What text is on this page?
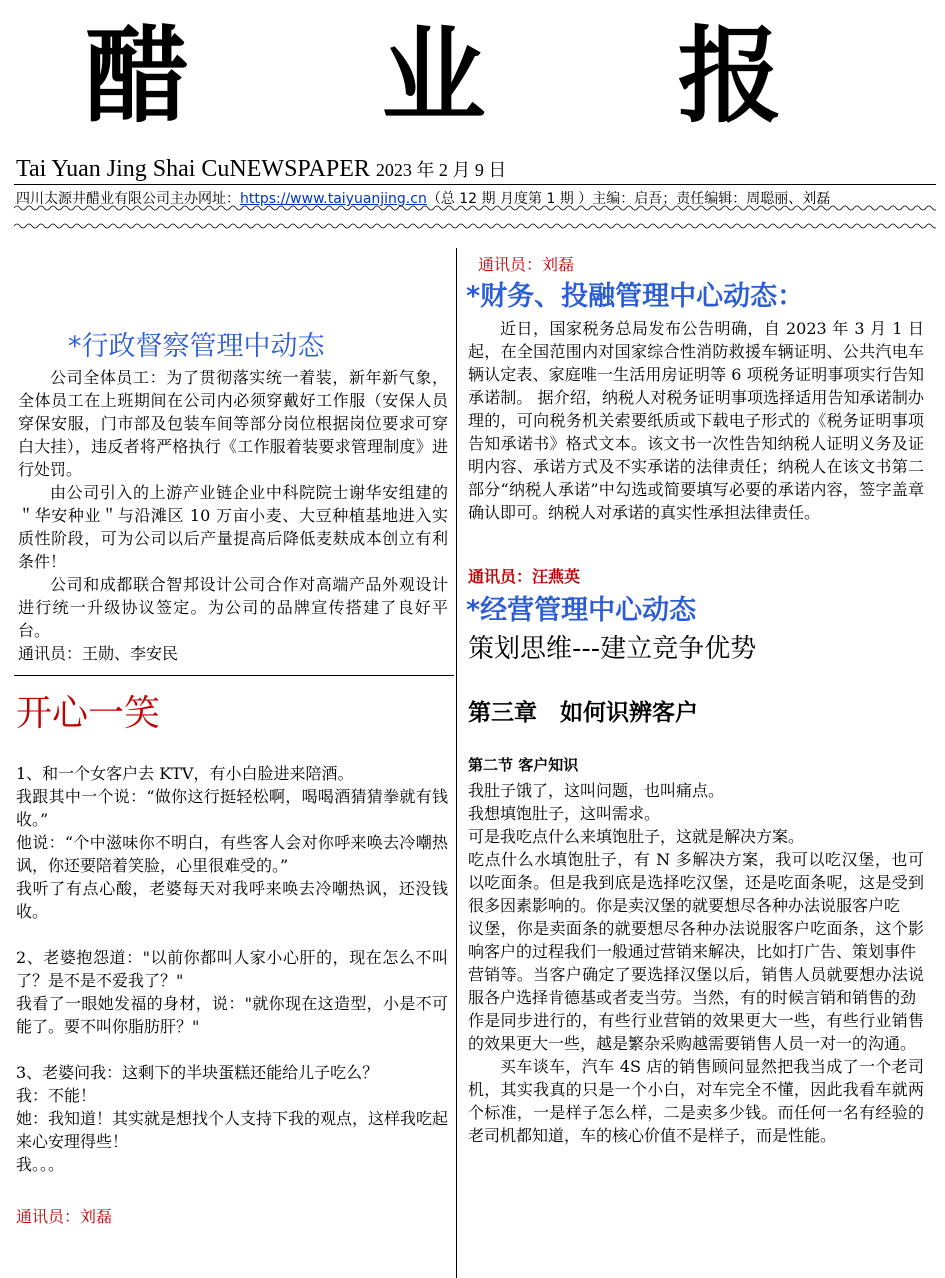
醋 业 报
Tai Yuan Jing Shai CuNEWSPAPER 2023 年 2 月 9 日
四川太源井醋业有限公司主办网址：https://www.taiyuanjing.cn（总 12 期 月度第 1 期 ）主编：启吾；责任编辑：周聪丽、刘磊
*行政督察管理中动态

公司全体员工：为了贯彻落实统一着装，新年新气象，全体员工在上班期间在公司内必须穿戴好工作服（安保人员穿保安服，门市部及包装车间等部分岗位根据岗位要求可穿白大挂），违反者将严格执行《工作服着装要求管理制度》进行处罚。

由公司引入的上游产业链企业中科院院士谢华安组建的＂华安种业＂与沿滩区 10 万亩小麦、大豆种植基地进入实质性阶段，可为公司以后产量提高后降低麦麸成本创立有利条件！

公司和成都联合智邦设计公司合作对高端产品外观设计进行统一升级协议签定。为公司的品牌宣传搭建了良好平台。

通讯员：王勋、李安民

开心一笑

1、和一个女客户去 KTV，有小白脸进来陪酒。

我跟其中一个说：“做你这行挺轻松啊，喝喝酒猜猜拳就有钱收。”

他说：“个中滋味你不明白，有些客人会对你呼来唤去冷嘲热讽，你还要陪着笑脸，心里很难受的。”

我听了有点心酸，老婆每天对我呼来唤去冷嘲热讽，还没钱收。

2、老婆抱怨道："以前你都叫人家小心肝的，现在怎么不叫了？是不是不爱我了？"

我看了一眼她发福的身材，说："就你现在这造型，小是不可能了。要不叫你脂肪肝？"

3、老婆问我：这剩下的半块蛋糕还能给儿子吃么？

我：不能！

她：我知道！其实就是想找个人支持下我的观点，这样我吃起来心安理得些！

我。。。

通讯员：刘磊
通讯员：刘磊
*财务、投融管理中心动态：

近日，国家税务总局发布公告明确，自 2023 年 3 月 1 日起，在全国范围内对国家综合性消防救援车辆证明、公共汽电车辆认定表、家庭唯一生活用房证明等 6 项税务证明事项实行告知承诺制。 据介绍，纳税人对税务证明事项选择适用告知承诺制办理的，可向税务机关索要纸质或下载电子形式的《税务证明事项告知承诺书》格式文本。该文书一次性告知纳税人证明义务及证明内容、承诺方式及不实承诺的法律责任；纳税人在该文书第二部分“纳税人承诺”中勾选或简要填写必要的承诺内容，签字盖章确认即可。纳税人对承诺的真实性承担法律责任。

通讯员：汪燕英
*经营管理中心动态
策划思维---建立竞争优势
第三章　如何识辨客户
第二节 客户知识

我肚子饿了，这叫问题，也叫痛点。

我想填饱肚子，这叫需求。

可是我吃点什么来填饱肚子，这就是解决方案。

吃点什么水填饱肚子，有 N 多解决方案，我可以吃汉堡，也可以吃面条。但是我到底是选择吃汉堡，还是吃面条呢，这是受到很多因素影响的。你是卖汉堡的就要想尽各种办法说服客户吃

议堡，你是卖面条的就要想尽各种办法说服客户吃面条，这个影响客户的过程我们一般通过营销来解决，比如打广告、策划事件

营销等。当客户确定了要选择汉堡以后，销售人员就要想办法说服各户选择肯德基或者麦当劳。当然，有的时候言销和销售的劲

作是同步进行的，有些行业营销的效果更大一些，有些行业销售的效果更大一些，越是繁杂采购越需要销售人员一对一的沟通。

买车谈车，汽车 4S 店的销售顾问显然把我当成了一个老司机，其实我真的只是一个小白，对车完全不懂，因此我看车就两个标准，一是样子怎么样，二是卖多少钱。而任何一名有经验的老司机都知道，车的核心价值不是样子，而是性能。
